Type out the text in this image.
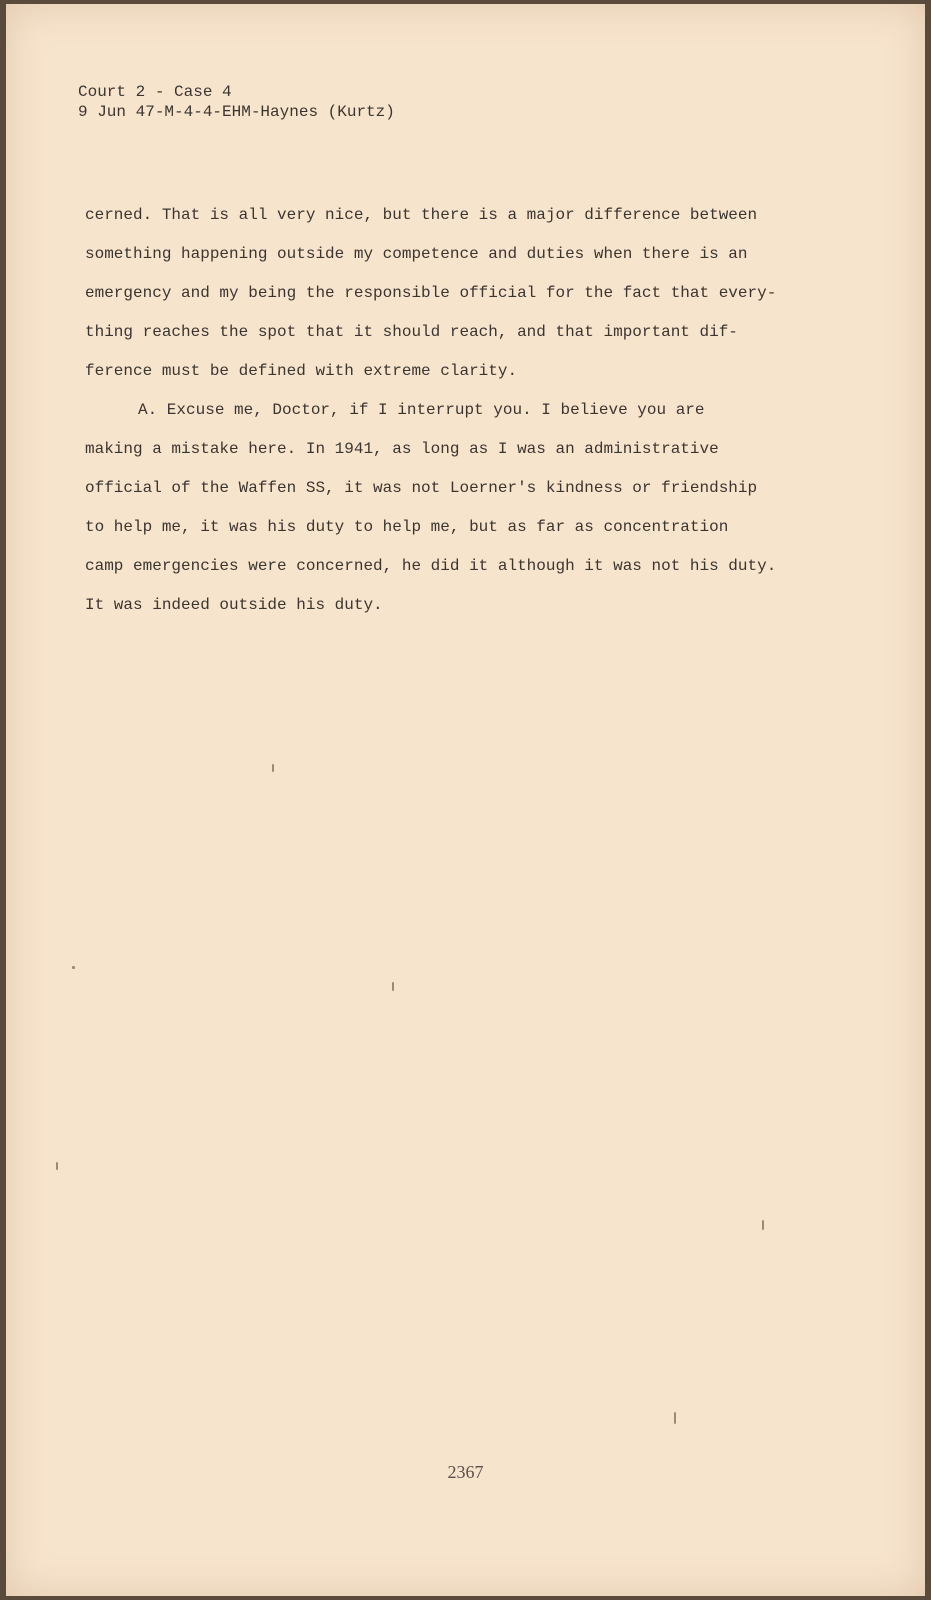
Court 2 - Case 4
9 Jun 47-M-4-4-EHM-Haynes (Kurtz)
cerned. That is all very nice, but there is a major difference between
something happening outside my competence and duties when there is an
emergency and my being the responsible official for the fact that every-
thing reaches the spot that it should reach, and that important dif-
ference must be defined with extreme clarity.
A. Excuse me, Doctor, if I interrupt you. I believe you are
making a mistake here. In 1941, as long as I was an administrative
official of the Waffen SS, it was not Loerner's kindness or friendship
to help me, it was his duty to help me, but as far as concentration
camp emergencies were concerned, he did it although it was not his duty.
It was indeed outside his duty.
2367
